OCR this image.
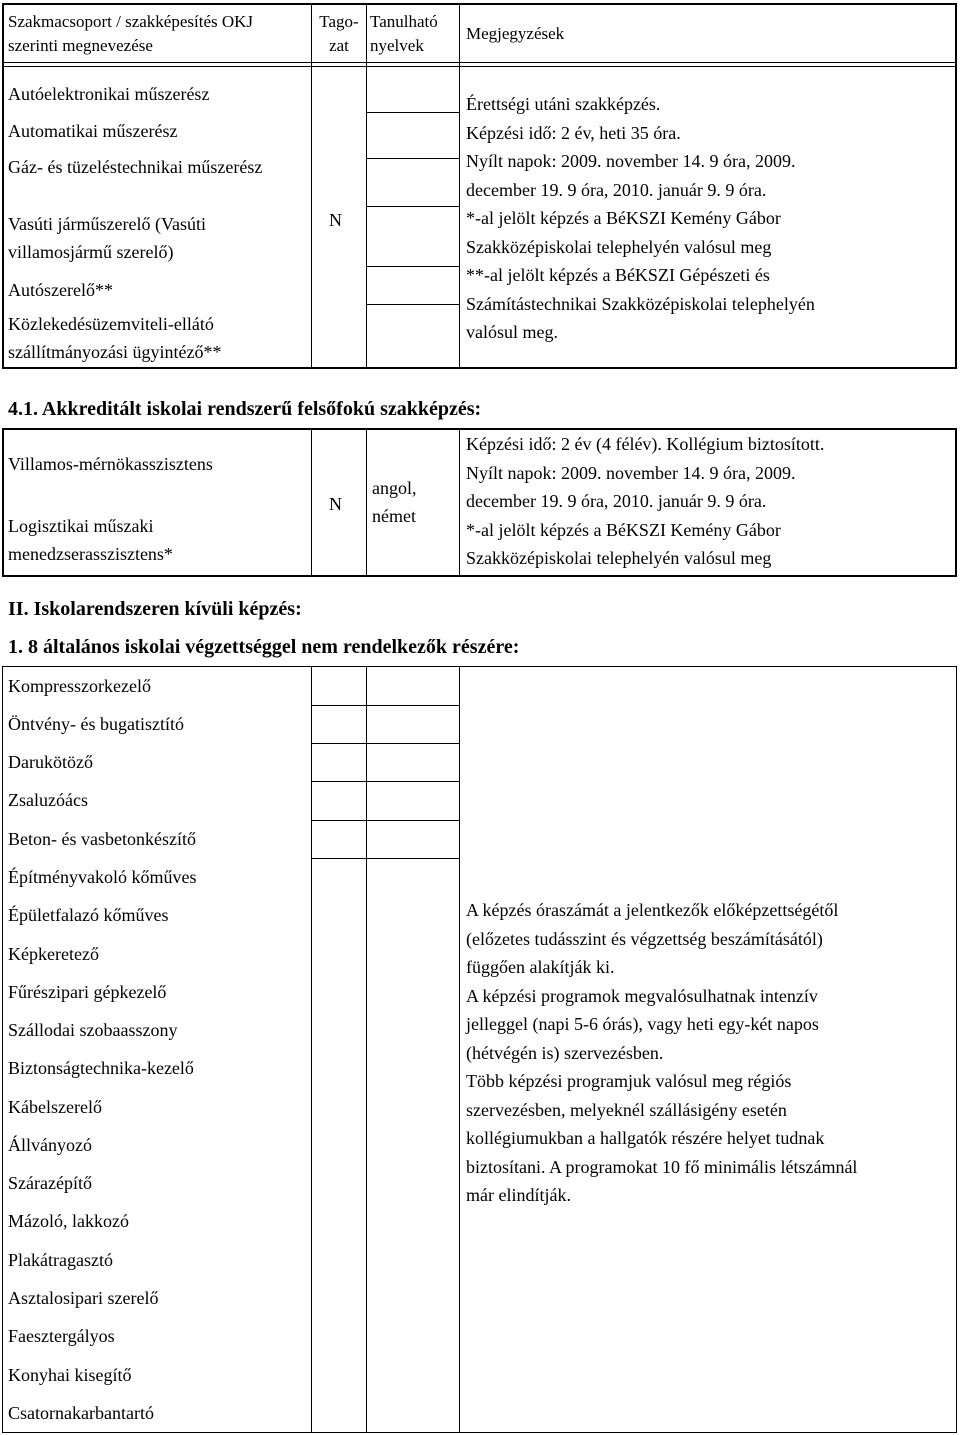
Szakmacsoport / szakképesítés OKJ szerinti megnevezése
Tago-zat
Tanulható nyelvek
Megjegyzések
Autóelektronikai műszerész
Automatikai műszerész
Gáz- és tüzeléstechnikai műszerész
Vasúti járműszerelő (Vasúti villamosjármű szerelő)
Autószerelő**
Közlekedésüzemviteli-ellátó szállítmányozási ügyintéző**
N
Érettségi utáni szakképzés.
Képzési idő: 2 év, heti 35 óra.
Nyílt napok: 2009. november 14. 9 óra, 2009.
december 19. 9 óra, 2010. január 9. 9 óra.
*-al jelölt képzés a BéKSZI Kemény Gábor
Szakközépiskolai telephelyén valósul meg
**-al jelölt képzés a BéKSZI Gépészeti és
Számítástechnikai Szakközépiskolai telephelyén
valósul meg.
4.1. Akkreditált iskolai rendszerű felsőfokú szakképzés:
Villamos-mérnökasszisztens
Logisztikai műszaki menedzserasszisztens*
N
angol, német
Képzési idő: 2 év (4 félév). Kollégium biztosított.
Nyílt napok: 2009. november 14. 9 óra, 2009.
december 19. 9 óra, 2010. január 9. 9 óra.
*-al jelölt képzés a BéKSZI Kemény Gábor
Szakközépiskolai telephelyén valósul meg
II. Iskolarendszeren kívüli képzés:
1. 8 általános iskolai végzettséggel nem rendelkezők részére:
Kompresszorkezelő
Öntvény- és bugatisztító
Darukötöző
Zsaluzóács
Beton- és vasbetonkészítő
Építményvakoló kőműves
Épületfalazó kőműves
Képkeretező
Fűrészipari gépkezelő
Szállodai szobaasszony
Biztonságtechnika-kezelő
Kábelszerelő
Állványozó
Szárazépítő
Mázoló, lakkozó
Plakátragasztó
Asztalosipari szerelő
Faesztergályos
Konyhai kisegítő
Csatornakarbantartó
A képzés óraszámát a jelentkezők előképzettségétől
(előzetes tudásszint és végzettség beszámításától)
függően alakítják ki.
A képzési programok megvalósulhatnak intenzív
jelleggel (napi 5-6 órás), vagy heti egy-két napos
(hétvégén is) szervezésben.
Több képzési programjuk valósul meg régiós
szervezésben, melyeknél szállásigény esetén
kollégiumukban a hallgatók részére helyet tudnak
biztosítani. A programokat 10 fő minimális létszámnál
már elindítják.
